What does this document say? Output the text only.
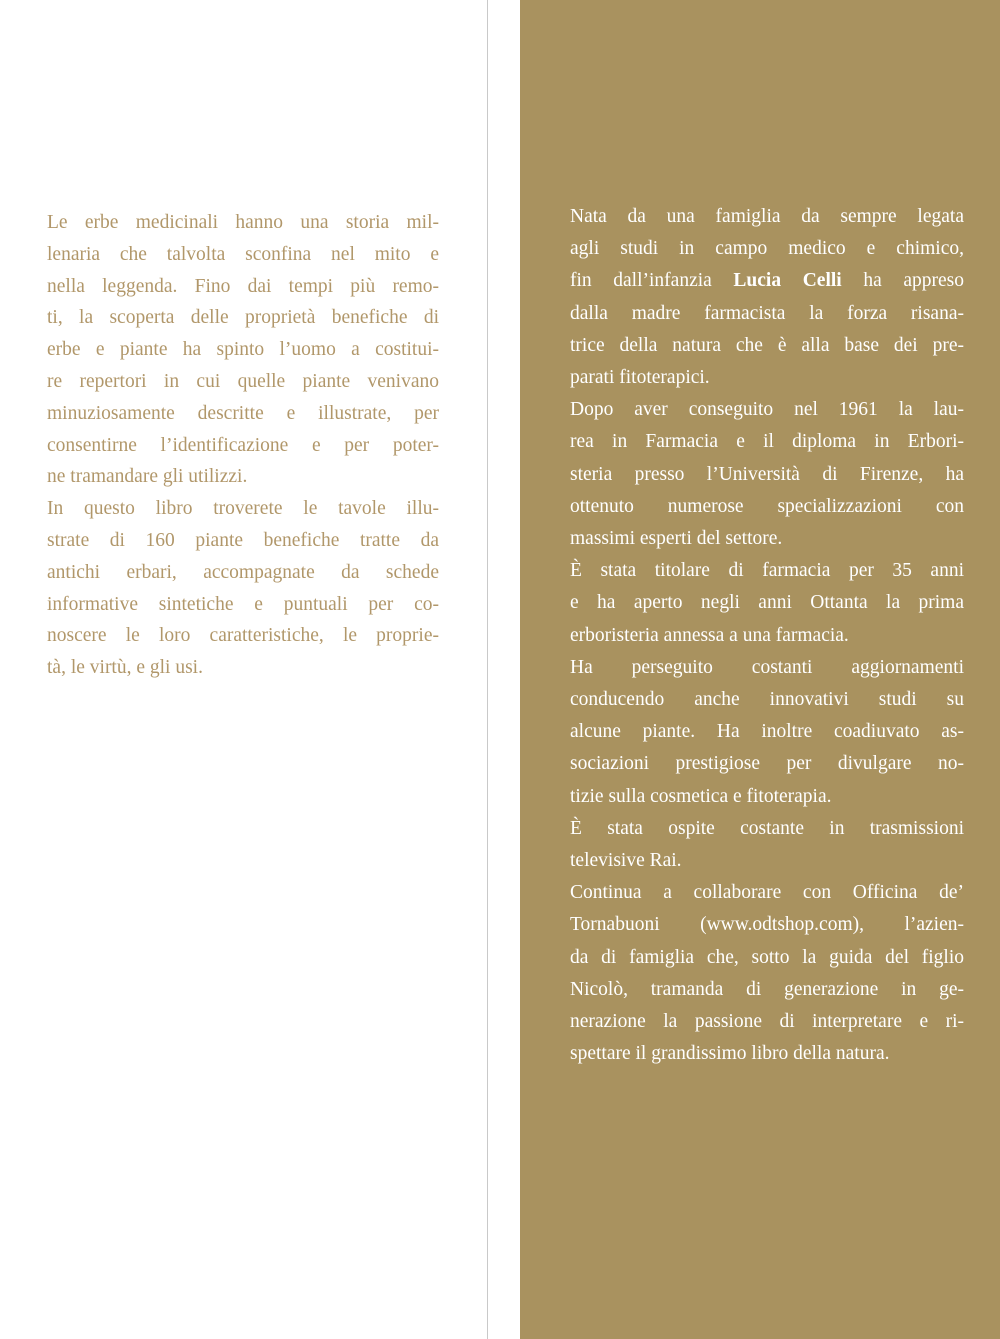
Le erbe medicinali hanno una storia mil-
lenaria che talvolta sconfina nel mito e
nella leggenda. Fino dai tempi più remo-
ti, la scoperta delle proprietà benefiche di
erbe e piante ha spinto l’uomo a costitui-
re repertori in cui quelle piante venivano
minuziosamente descritte e illustrate, per
consentirne l’identificazione e per poter-
ne tramandare gli utilizzi.
In questo libro troverete le tavole illu-
strate di 160 piante benefiche tratte da
antichi erbari, accompagnate da schede
informative sintetiche e puntuali per co-
noscere le loro caratteristiche, le proprie-
tà, le virtù, e gli usi.
Nata da una famiglia da sempre legata
agli studi in campo medico e chimico,
fin dall’infanzia Lucia Celli ha appreso
dalla madre farmacista la forza risana-
trice della natura che è alla base dei pre-
parati fitoterapici.
Dopo aver conseguito nel 1961 la lau-
rea in Farmacia e il diploma in Erbori-
steria presso l’Università di Firenze, ha
ottenuto numerose specializzazioni con
massimi esperti del settore.
È stata titolare di farmacia per 35 anni
e ha aperto negli anni Ottanta la prima
erboristeria annessa a una farmacia.
Ha perseguito costanti aggiornamenti
conducendo anche innovativi studi su
alcune piante. Ha inoltre coadiuvato as-
sociazioni prestigiose per divulgare no-
tizie sulla cosmetica e fitoterapia.
È stata ospite costante in trasmissioni
televisive Rai.
Continua a collaborare con Officina de’
Tornabuoni (www.odtshop.com), l’azien-
da di famiglia che, sotto la guida del figlio
Nicolò, tramanda di generazione in ge-
nerazione la passione di interpretare e ri-
spettare il grandissimo libro della natura.
